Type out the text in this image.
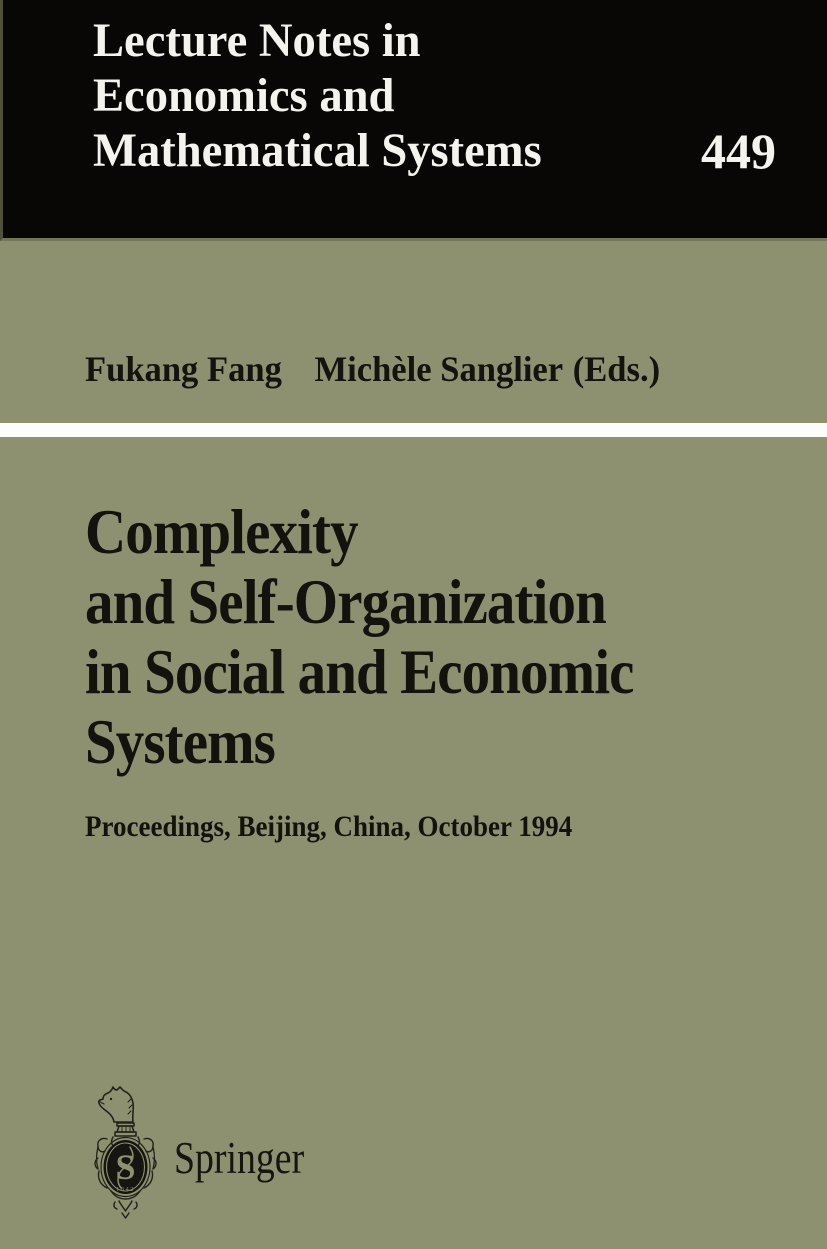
Lecture Notes in
Economics and
Mathematical Systems	449
Fukang Fang Michèle Sanglier (Eds.)
Complexity
and Self-Organization
in Social and Economic
Systems
Proceedings, Beijing, China, October 1994
S
1842
Springer
